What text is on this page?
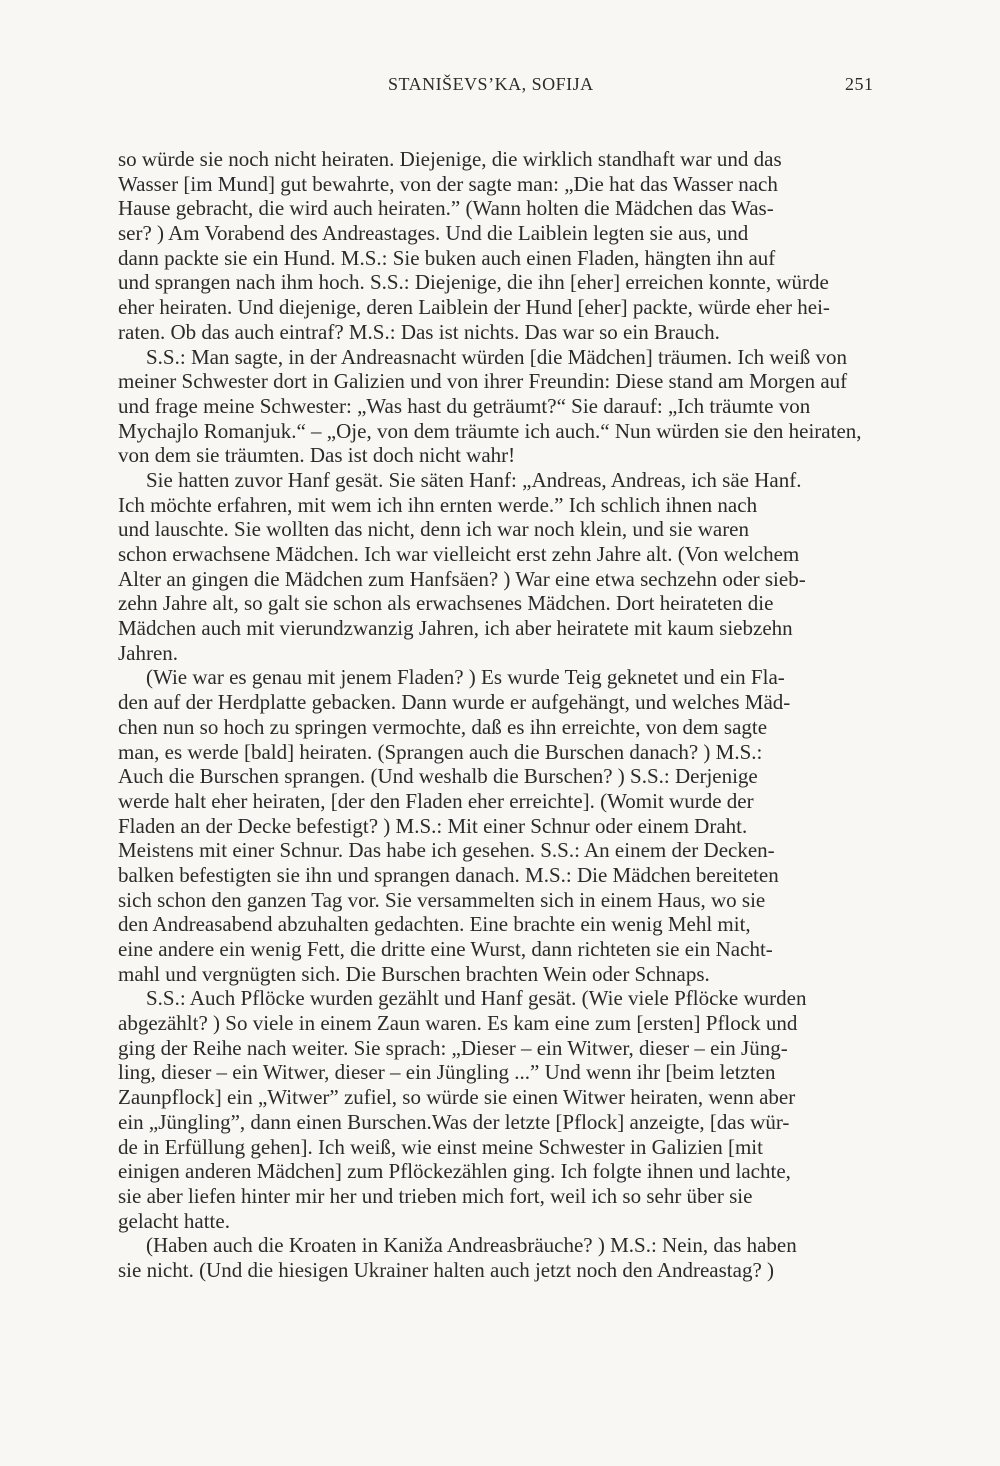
STANIŠEVS’KA, SOFIJA	251
so würde sie noch nicht heiraten. Diejenige, die wirklich standhaft war und das
Wasser [im Mund] gut bewahrte, von der sagte man: „Die hat das Wasser nach
Hause gebracht, die wird auch heiraten.” (Wann holten die Mädchen das Was-
ser? ) Am Vorabend des Andreastages. Und die Laiblein legten sie aus, und
dann packte sie ein Hund. M.S.: Sie buken auch einen Fladen, hängten ihn auf
und sprangen nach ihm hoch. S.S.: Diejenige, die ihn [eher] erreichen konnte, würde
eher heiraten. Und diejenige, deren Laiblein der Hund [eher] packte, würde eher hei-
raten. Ob das auch eintraf? M.S.: Das ist nichts. Das war so ein Brauch.
S.S.: Man sagte, in der Andreasnacht würden [die Mädchen] träumen. Ich weiß von
meiner Schwester dort in Galizien und von ihrer Freundin: Diese stand am Morgen auf
und frage meine Schwester: „Was hast du geträumt?“ Sie darauf: „Ich träumte von
Mychajlo Romanjuk.“ – „Oje, von dem träumte ich auch.“ Nun würden sie den heiraten,
von dem sie träumten. Das ist doch nicht wahr!
Sie hatten zuvor Hanf gesät. Sie säten Hanf: „Andreas, Andreas, ich säe Hanf.
Ich möchte erfahren, mit wem ich ihn ernten werde.” Ich schlich ihnen nach
und lauschte. Sie wollten das nicht, denn ich war noch klein, und sie waren
schon erwachsene Mädchen. Ich war vielleicht erst zehn Jahre alt. (Von welchem
Alter an gingen die Mädchen zum Hanfsäen? ) War eine etwa sechzehn oder sieb-
zehn Jahre alt, so galt sie schon als erwachsenes Mädchen. Dort heirateten die
Mädchen auch mit vierundzwanzig Jahren, ich aber heiratete mit kaum siebzehn
Jahren.
(Wie war es genau mit jenem Fladen? ) Es wurde Teig geknetet und ein Fla-
den auf der Herdplatte gebacken. Dann wurde er aufgehängt, und welches Mäd-
chen nun so hoch zu springen vermochte, daß es ihn erreichte, von dem sagte
man, es werde [bald] heiraten. (Sprangen auch die Burschen danach? ) M.S.:
Auch die Burschen sprangen. (Und weshalb die Burschen? ) S.S.: Derjenige
werde halt eher heiraten, [der den Fladen eher erreichte]. (Womit wurde der
Fladen an der Decke befestigt? ) M.S.: Mit einer Schnur oder einem Draht.
Meistens mit einer Schnur. Das habe ich gesehen. S.S.: An einem der Decken-
balken befestigten sie ihn und sprangen danach. M.S.: Die Mädchen bereiteten
sich schon den ganzen Tag vor. Sie versammelten sich in einem Haus, wo sie
den Andreasabend abzuhalten gedachten. Eine brachte ein wenig Mehl mit,
eine andere ein wenig Fett, die dritte eine Wurst, dann richteten sie ein Nacht-
mahl und vergnügten sich. Die Burschen brachten Wein oder Schnaps.
S.S.: Auch Pflöcke wurden gezählt und Hanf gesät. (Wie viele Pflöcke wurden
abgezählt? ) So viele in einem Zaun waren. Es kam eine zum [ersten] Pflock und
ging der Reihe nach weiter. Sie sprach: „Dieser – ein Witwer, dieser – ein Jüng-
ling, dieser – ein Witwer, dieser – ein Jüngling ...” Und wenn ihr [beim letzten
Zaunpflock] ein „Witwer” zufiel, so würde sie einen Witwer heiraten, wenn aber
ein „Jüngling”, dann einen Burschen.Was der letzte [Pflock] anzeigte, [das wür-
de in Erfüllung gehen]. Ich weiß, wie einst meine Schwester in Galizien [mit
einigen anderen Mädchen] zum Pflöckezählen ging. Ich folgte ihnen und lachte,
sie aber liefen hinter mir her und trieben mich fort, weil ich so sehr über sie
gelacht hatte.
(Haben auch die Kroaten in Kaniža Andreasbräuche? ) M.S.: Nein, das haben
sie nicht. (Und die hiesigen Ukrainer halten auch jetzt noch den Andreastag? )
